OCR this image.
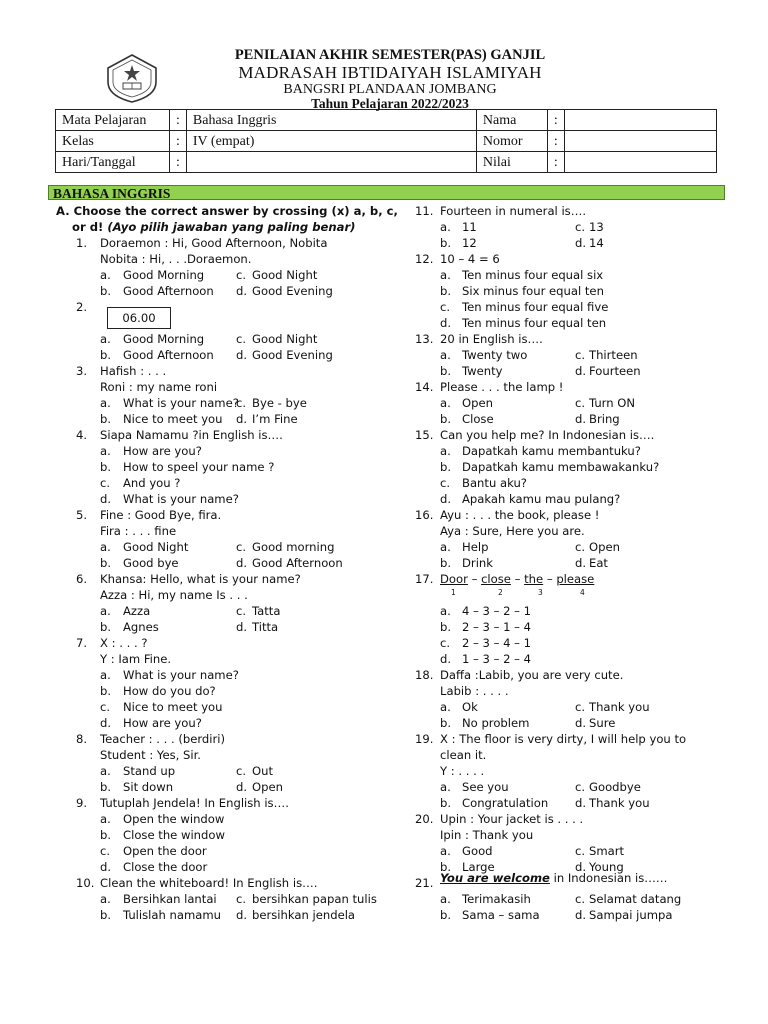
PENILAIAN AKHIR SEMESTER(PAS) GANJIL
MADRASAH IBTIDAIYAH ISLAMIYAH
BANGSRI PLANDAAN JOMBANG
Tahun Pelajaran 2022/2023
Mata Pelajaran	:	Bahasa Inggris	Nama	:	
Kelas	:	IV (empat)	Nomor	:	
Hari/Tanggal	:		Nilai	:	
BAHASA INGGRIS
A. Choose the correct answer by crossing (x) a, b, c,
or d! (Ayo pilih jawaban yang paling benar)
1. Doraemon : Hi, Good Afternoon, Nobita
Nobita : Hi, . . .Doraemon.
a. Good Morning	c. Good Night
b. Good Afternoon d. Good Evening
2.
a. Good Morning	c. Good Night
b. Good Afternoon d. Good Evening
3. Hafish : . . .
Roni : my name roni
a. What is your name?
c. Bye - bye
b. Nice to meet you d. I’m Fine
4. Siapa Namamu ?in English is….
a. How are you?
b. How to speel your name ?
c. And you ?
d. What is your name?
5. Fine : Good Bye, fira.
Fira : . . . fine
a. Good Night	c. Good morning
b. Good bye	d. Good Afternoon
6. Khansa: Hello, what is your name?
Azza : Hi, my name Is . . .
a. Azza	c. Tatta
b. Agnes	d. Titta
7. X : . . . ?
Y : Iam Fine.
a. What is your name?
b. How do you do?
c. Nice to meet you
d. How are you?
8. Teacher : . . . (berdiri)
Student : Yes, Sir.
a. Stand up	c. Out
b. Sit down	d. Open
9. Tutuplah Jendela! In English is….
a. Open the window
b. Close the window
c. Open the door
d. Close the door
10. Clean the whiteboard! In English is….
a. Bersihkan lantai c. bersihkan papan tulis
b. Tulislah namamu d. bersihkan jendela
06.00
11. Fourteen in numeral is….
a. 11	c. 13
b. 12	d. 14
12. 10 – 4 = 6
a. Ten minus four equal six
b. Six minus four equal ten
c. Ten minus four equal five
d. Ten minus four equal ten
13. 20 in English is….
a. Twenty two	c. Thirteen
b. Twenty	d. Fourteen
14. Please . . . the lamp !
a. Open	c. Turn ON
b. Close	d. Bring
15. Can you help me? In Indonesian is….
a. Dapatkah kamu membantuku?
b. Dapatkah kamu membawakanku?
c. Bantu aku?
d. Apakah kamu mau pulang?
16. Ayu : . . . the book, please !
Aya : Sure, Here you are.
a. Help	c. Open
b. Drink	d. Eat
17.
a. 4 – 3 – 2 – 1
b. 2 – 3 – 1 – 4
c. 2 – 3 – 4 – 1
d. 1 – 3 – 2 – 4
18. Daffa :Labib, you are very cute.
Labib : . . . .
a. Ok	c. Thank you
b. No problem	d. Sure
19. X : The floor is very dirty, I will help you to
clean it.
Y : . . . .
a. See you	c. Goodbye
b. Congratulation d. Thank you
20. Upin : Your jacket is . . . .
Ipin : Thank you
a. Good	c. Smart
b. Large	d. Young
21.
a. Terimakasih	c. Selamat datang
b. Sama – sama	d. Sampai jumpa
Door – close – the – please
1	2	3	4
You are welcome in Indonesian is……
